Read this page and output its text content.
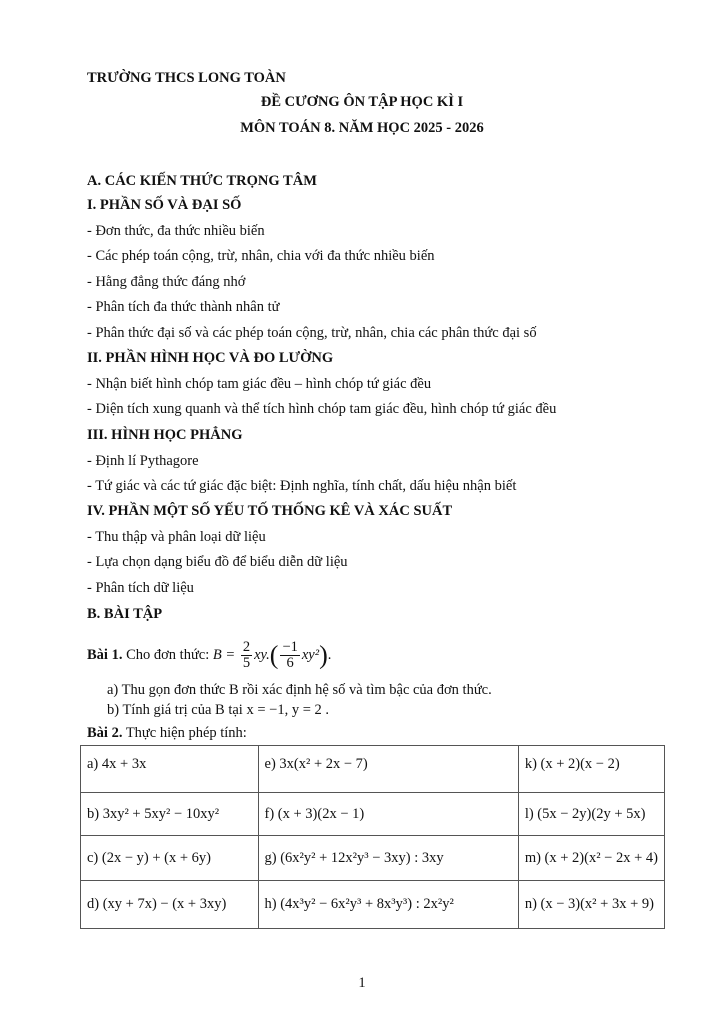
TRƯỜNG THCS LONG TOÀN
ĐỀ CƯƠNG ÔN TẬP HỌC KÌ I
MÔN TOÁN 8. NĂM HỌC 2025 - 2026
A. CÁC KIẾN THỨC TRỌNG TÂM
I. PHẦN SỐ VÀ ĐẠI SỐ
- Đơn thức, đa thức nhiều biến
- Các phép toán cộng, trừ, nhân, chia với đa thức nhiều biến
- Hằng đẳng thức đáng nhớ
- Phân tích đa thức thành nhân tử
- Phân thức đại số và các phép toán cộng, trừ, nhân, chia các phân thức đại số
II. PHẦN HÌNH HỌC VÀ ĐO LƯỜNG
- Nhận biết hình chóp tam giác đều – hình chóp tứ giác đều
- Diện tích xung quanh và thể tích hình chóp tam giác đều, hình chóp tứ giác đều
III. HÌNH HỌC PHẲNG
- Định lí Pythagore
- Tứ giác và các tứ giác đặc biệt: Định nghĩa, tính chất, dấu hiệu nhận biết
IV. PHẦN MỘT SỐ YẾU TỐ THỐNG KÊ VÀ XÁC SUẤT
- Thu thập và phân loại dữ liệu
- Lựa chọn dạng biểu đồ để biểu diễn dữ liệu
- Phân tích dữ liệu
B. BÀI TẬP
Bài 1. Cho đơn thức: $B = \frac{2}{5} xy.( \frac{-1}{6} xy^2)$.
a) Thu gọn đơn thức B rồi xác định hệ số và tìm bậc của đơn thức.
b) Tính giá trị của B tại x = −1, y = 2 .
Bài 2. Thực hiện phép tính:
a) 4x + 3x	e) 3x(x² + 2x − 7)	k) (x + 2)(x − 2)
b) 3xy² + 5xy² − 10xy²	f) (x + 3)(2x − 1)	l) (5x − 2y)(2y + 5x)
c) (2x − y) + (x + 6y)	g) (6x²y² + 12x²y³ − 3xy) : 3xy	m) (x + 2)(x² − 2x + 4)
d) (xy + 7x) − (x + 3xy)	h) (4x³y² − 6x²y³ + 8x³y³) : 2x²y²	n) (x − 3)(x² + 3x + 9)
1
